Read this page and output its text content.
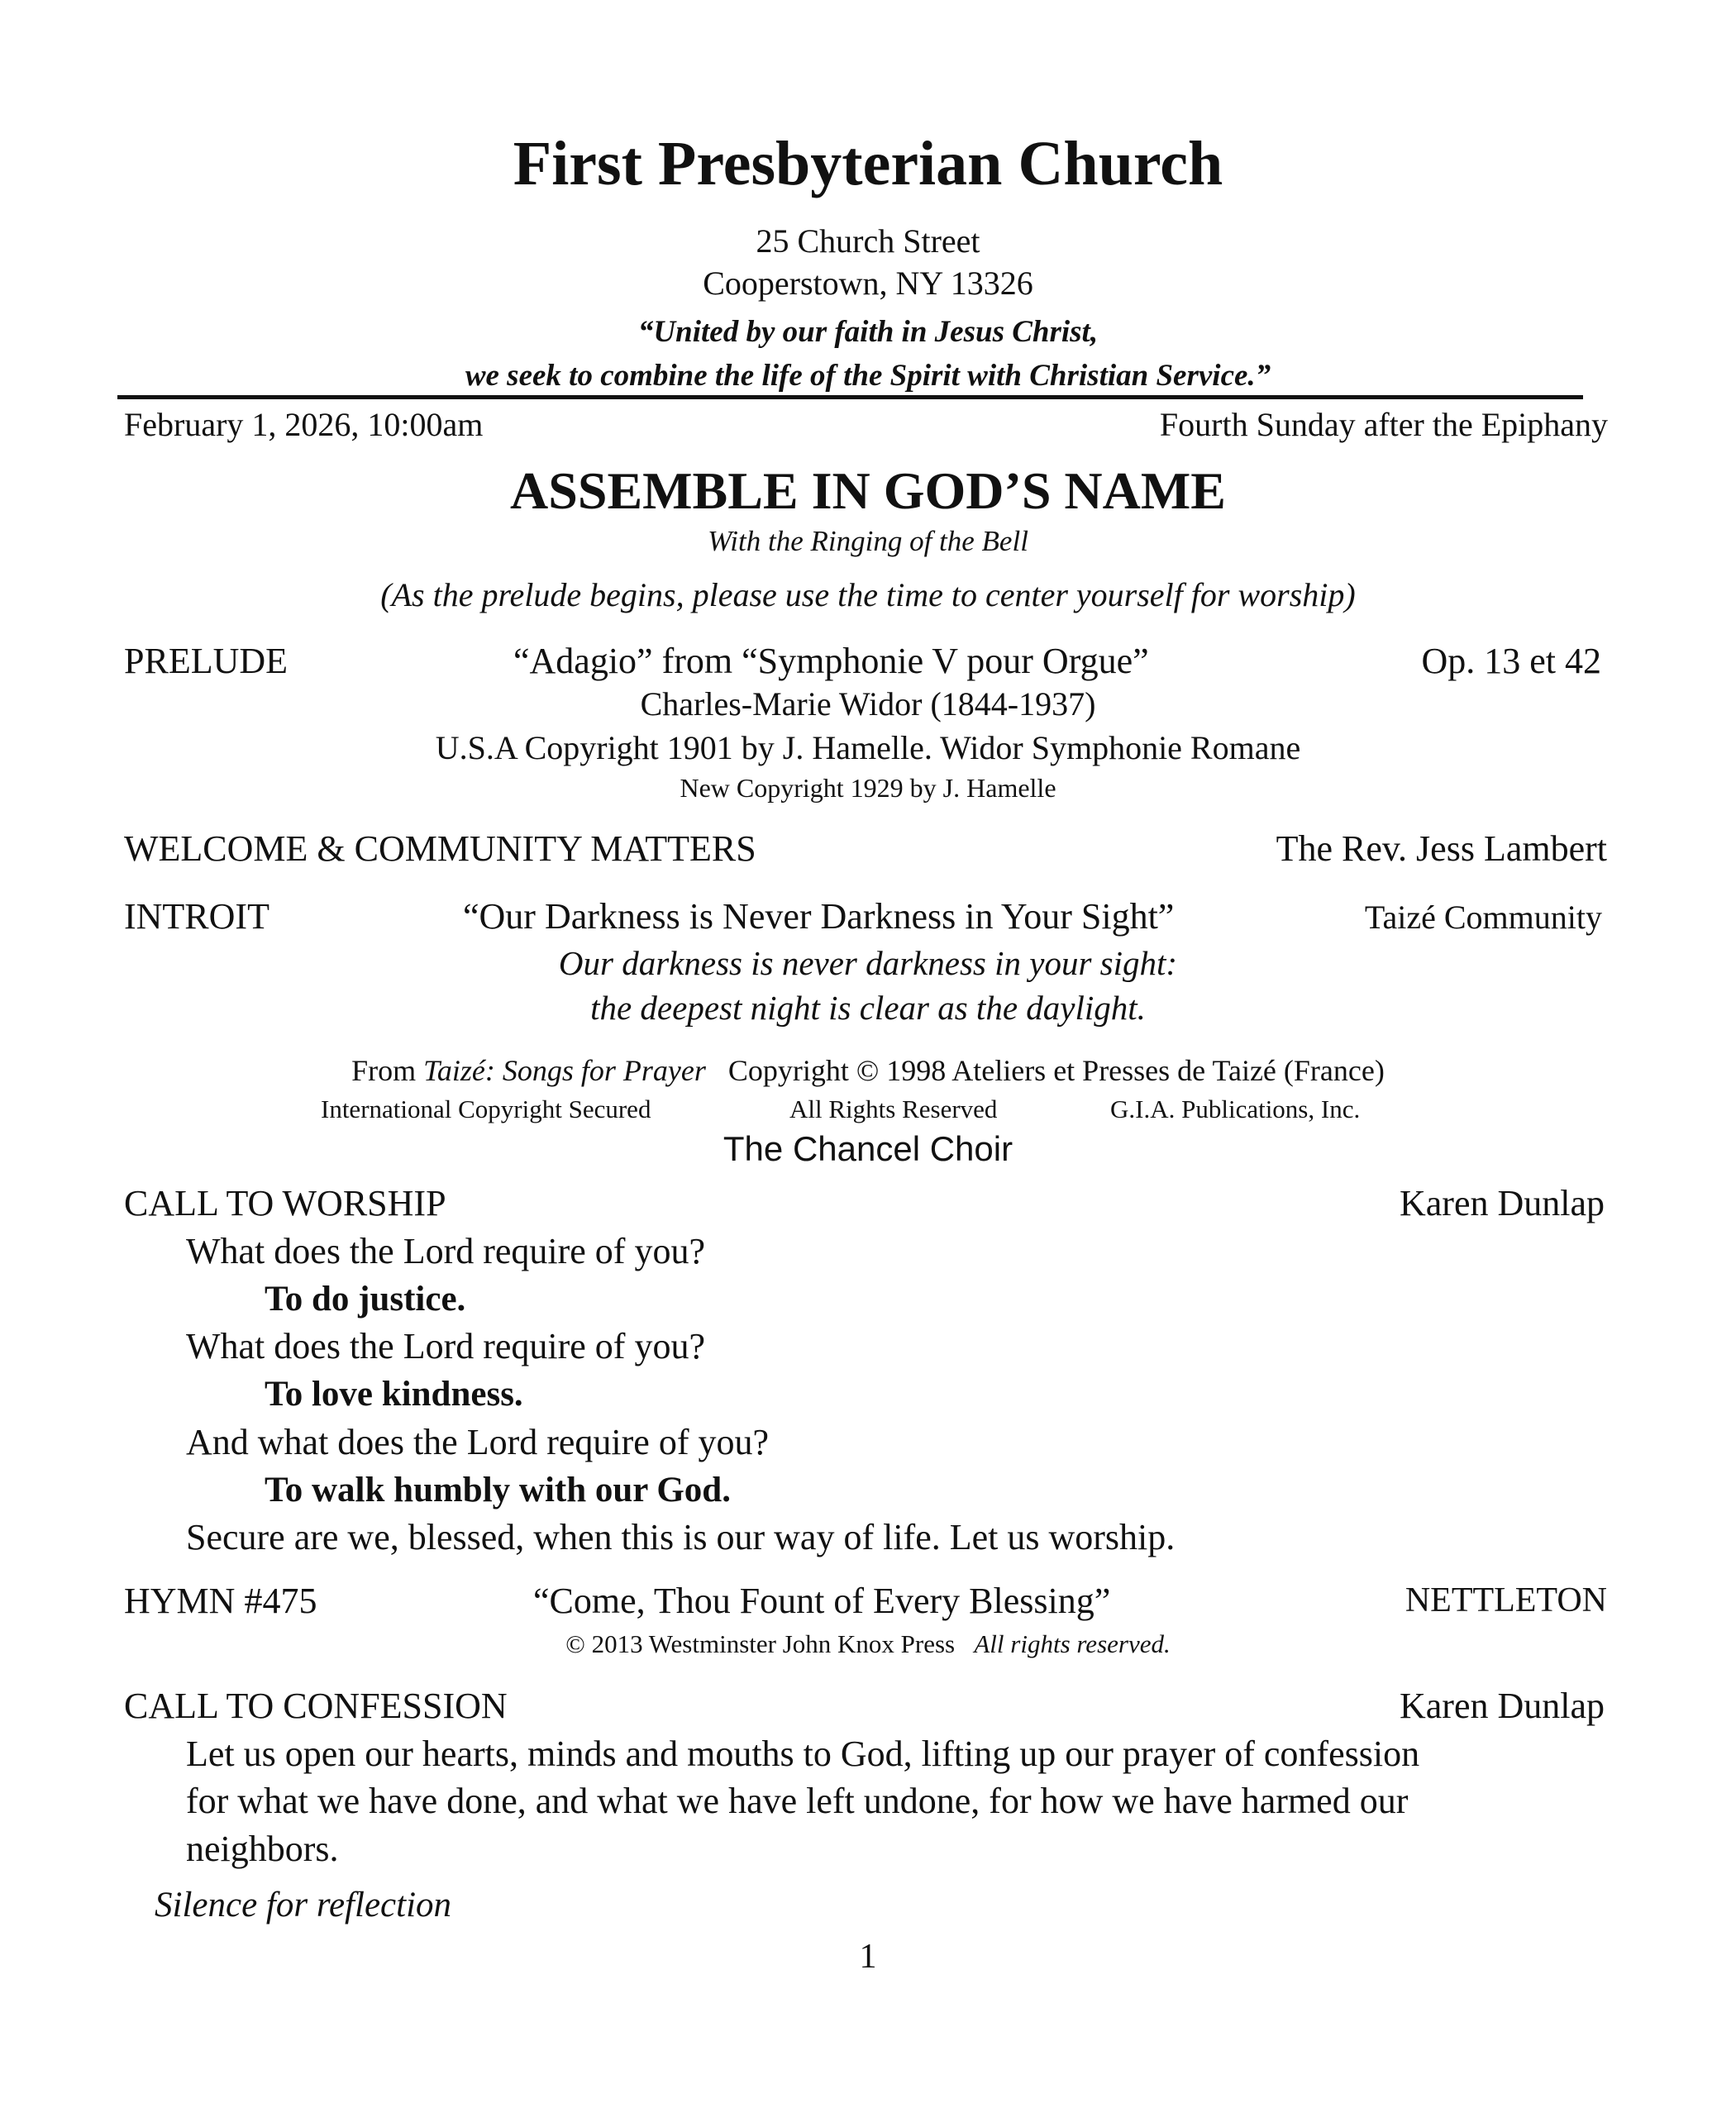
First Presbyterian Church
25 Church Street
Cooperstown, NY 13326
“United by our faith in Jesus Christ,
we seek to combine the life of the Spirit with Christian Service.”
February 1, 2026, 10:00am	Fourth Sunday after the Epiphany
ASSEMBLE IN GOD’S NAME
With the Ringing of the Bell
(As the prelude begins, please use the time to center yourself for worship)
PRELUDE	“Adagio” from “Symphonie V pour Orgue”	Op. 13 et 42
Charles-Marie Widor (1844-1937)
U.S.A Copyright 1901 by J. Hamelle. Widor Symphonie Romane
New Copyright 1929 by J. Hamelle
WELCOME & COMMUNITY MATTERS	The Rev. Jess Lambert
INTROIT	“Our Darkness is Never Darkness in Your Sight”	Taizé Community
Our darkness is never darkness in your sight:
the deepest night is clear as the daylight.
From Taizé: Songs for Prayer Copyright © 1998 Ateliers et Presses de Taizé (France)
International Copyright Secured	All Rights Reserved	G.I.A. Publications, Inc.
The Chancel Choir
CALL TO WORSHIP	Karen Dunlap
What does the Lord require of you?
To do justice.
What does the Lord require of you?
To love kindness.
And what does the Lord require of you?
To walk humbly with our God.
Secure are we, blessed, when this is our way of life. Let us worship.
HYMN #475	“Come, Thou Fount of Every Blessing”	NETTLETON
© 2013 Westminster John Knox Press All rights reserved.
CALL TO CONFESSION	Karen Dunlap
Let us open our hearts, minds and mouths to God, lifting up our prayer of confession
for what we have done, and what we have left undone, for how we have harmed our
neighbors.
Silence for reflection
1
